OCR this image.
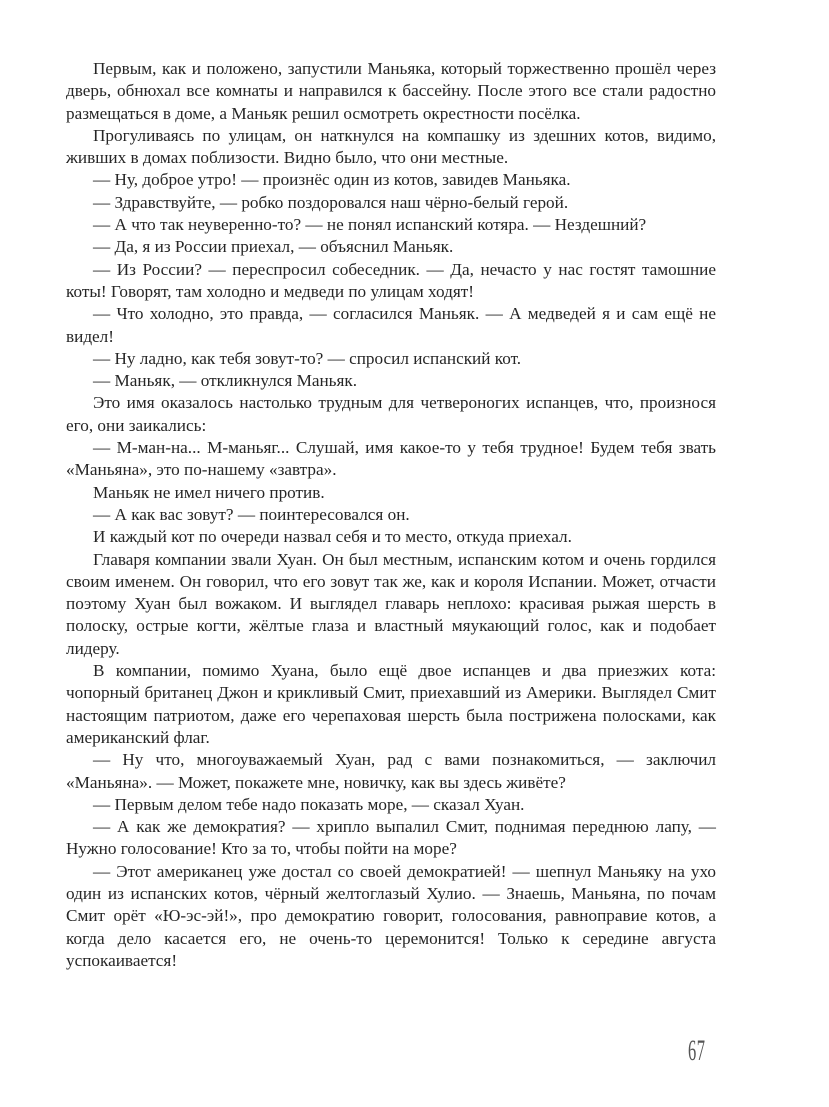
Первым, как и положено, запустили Маньяка, который торжественно прошёл через дверь, обнюхал все комнаты и направился к бассейну. После этого все стали радостно размещаться в доме, а Маньяк решил осмотреть окрестности посёлка.

Прогуливаясь по улицам, он наткнулся на компашку из здешних котов, видимо, живших в домах поблизости. Видно было, что они местные.

— Ну, доброе утро! — произнёс один из котов, завидев Маньяка.

— Здравствуйте, — робко поздоровался наш чёрно-белый герой.

— А что так неуверенно-то? — не понял испанский котяра. — Нездешний?

— Да, я из России приехал, — объяснил Маньяк.

— Из России? — переспросил собеседник. — Да, нечасто у нас гостят тамошние коты! Говорят, там холодно и медведи по улицам ходят!

— Что холодно, это правда, — согласился Маньяк. — А медведей я и сам ещё не видел!

— Ну ладно, как тебя зовут-то? — спросил испанский кот.

— Маньяк, — откликнулся Маньяк.

Это имя оказалось настолько трудным для четвероногих испанцев, что, произнося его, они заикались:

— М-ман-на... М-маньяг... Слушай, имя какое-то у тебя трудное! Будем тебя звать «Маньяна», это по-нашему «завтра».

Маньяк не имел ничего против.

— А как вас зовут? — поинтересовался он.

И каждый кот по очереди назвал себя и то место, откуда приехал.

Главаря компании звали Хуан. Он был местным, испанским котом и очень гордился своим именем. Он говорил, что его зовут так же, как и короля Испании. Может, отчасти поэтому Хуан был вожаком. И выглядел главарь неплохо: красивая рыжая шерсть в полоску, острые когти, жёлтые глаза и властный мяукающий голос, как и подобает лидеру.

В компании, помимо Хуана, было ещё двое испанцев и два приезжих кота: чопорный британец Джон и крикливый Смит, приехавший из Америки. Выглядел Смит настоящим патриотом, даже его черепаховая шерсть была пострижена полосками, как американский флаг.

— Ну что, многоуважаемый Хуан, рад с вами познакомиться, — заключил «Маньяна». — Может, покажете мне, новичку, как вы здесь живёте?

— Первым делом тебе надо показать море, — сказал Хуан.

— А как же демократия? — хрипло выпалил Смит, поднимая переднюю лапу, — Нужно голосование! Кто за то, чтобы пойти на море?

— Этот американец уже достал со своей демократией! — шепнул Маньяку на ухо один из испанских котов, чёрный желтоглазый Хулио. — Знаешь, Маньяна, по почам Смит орёт «Ю-эс-эй!», про демократию говорит, голосования, равноправие котов, а когда дело касается его, не очень-то церемонится! Только к середине августа успокаивается!

67
